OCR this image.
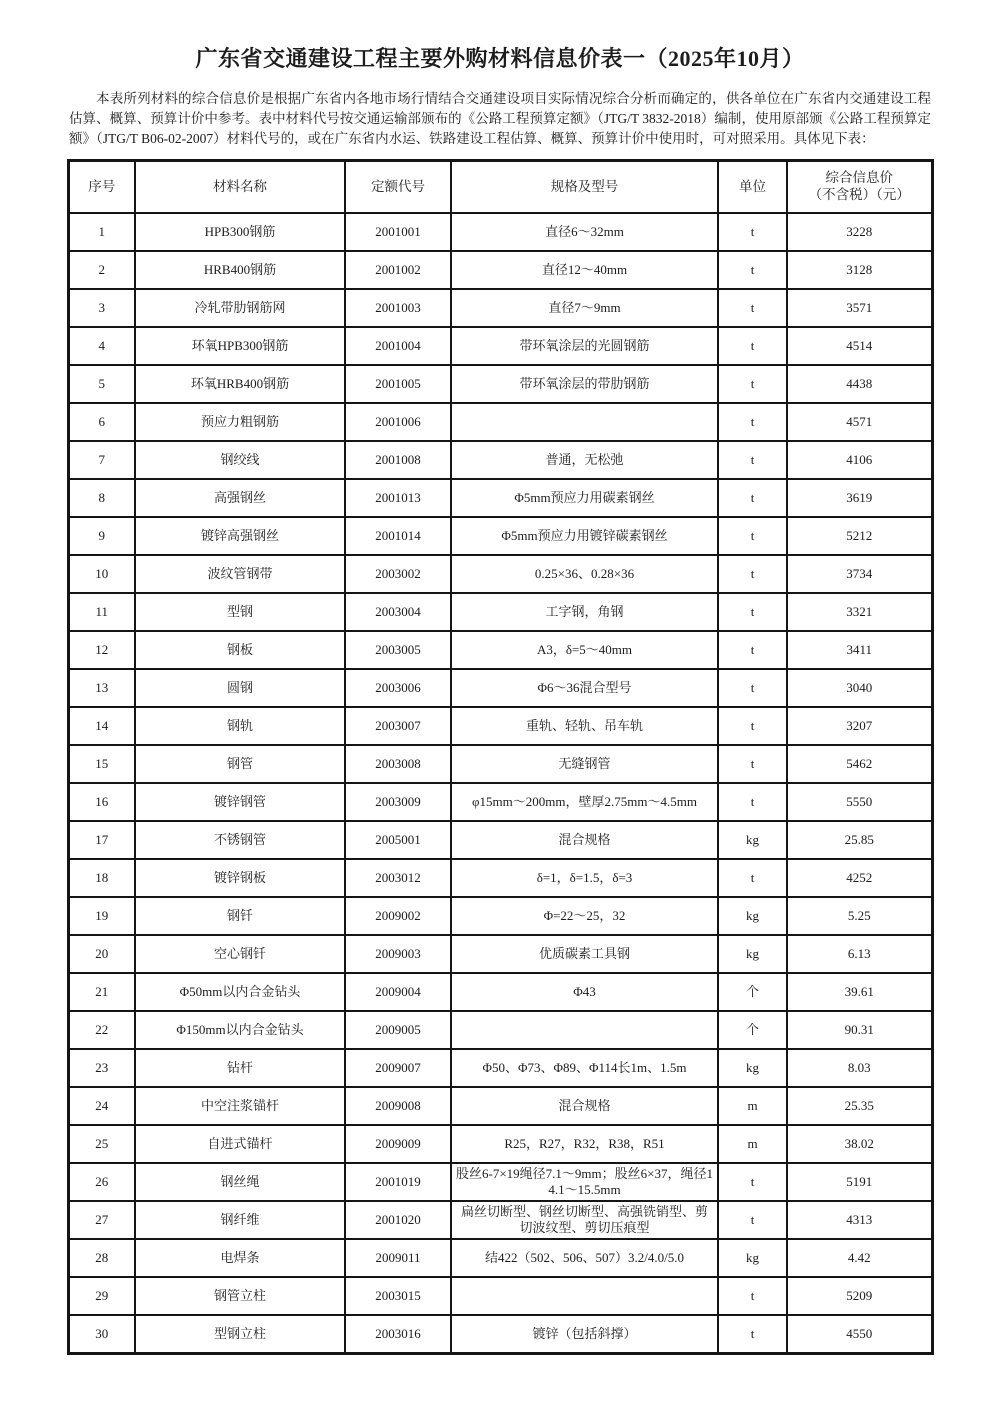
广东省交通建设工程主要外购材料信息价表一（2025年10月）

本表所列材料的综合信息价是根据广东省内各地市场行情结合交通建设项目实际情况综合分析而确定的，供各单位在广东省内交通建设工程估算、概算、预算计价中参考。表中材料代号按交通运输部颁布的《公路工程预算定额》（JTG/T 3832-2018）编制，使用原部颁《公路工程预算定额》（JTG/T B06-02-2007）材料代号的，或在广东省内水运、铁路建设工程估算、概算、预算计价中使用时，可对照采用。具体见下表：

序号	材料名称	定额代号	规格及型号	单位	综合信息价
（不含税）（元）

1	HPB300钢筋	2001001	直径6～32mm	t	3228
2	HRB400钢筋	2001002	直径12～40mm	t	3128
3	冷轧带肋钢筋网	2001003	直径7～9mm	t	3571
4	环氧HPB300钢筋	2001004	带环氧涂层的光圆钢筋	t	4514
5	环氧HRB400钢筋	2001005	带环氧涂层的带肋钢筋	t	4438
6	预应力粗钢筋	2001006		t	4571
7	钢绞线	2001008	普通，无松弛	t	4106
8	高强钢丝	2001013	Φ5mm预应力用碳素钢丝	t	3619
9	镀锌高强钢丝	2001014	Φ5mm预应力用镀锌碳素钢丝	t	5212
10	波纹管钢带	2003002	0.25×36、0.28×36	t	3734
11	型钢	2003004	工字钢，角钢	t	3321
12	钢板	2003005	A3，δ=5～40mm	t	3411
13	圆钢	2003006	Φ6～36混合型号	t	3040
14	钢轨	2003007	重轨、轻轨、吊车轨	t	3207
15	钢管	2003008	无缝钢管	t	5462
16	镀锌钢管	2003009	φ15mm～200mm，壁厚2.75mm～4.5mm	t	5550
17	不锈钢管	2005001	混合规格	kg	25.85
18	镀锌钢板	2003012	δ=1，δ=1.5，δ=3	t	4252
19	钢钎	2009002	Φ=22～25，32	kg	5.25
20	空心钢钎	2009003	优质碳素工具钢	kg	6.13
21	Φ50mm以内合金钻头	2009004	Φ43	个	39.61
22	Φ150mm以内合金钻头	2009005		个	90.31
23	钻杆	2009007	Φ50、Φ73、Φ89、Φ114长1m、1.5m	kg	8.03
24	中空注浆锚杆	2009008	混合规格	m	25.35
25	自进式锚杆	2009009	R25，R27，R32，R38，R51	m	38.02
26	钢丝绳	2001019	股丝6-7×19绳径7.1～9mm；股丝6×37，绳径14.1～15.5mm	t	5191
27	钢纤维	2001020	扁丝切断型、钢丝切断型、高强铣销型、剪切波纹型、剪切压痕型	t	4313
28	电焊条	2009011	结422（502、506、507）3.2/4.0/5.0	kg	4.42
29	钢管立柱	2003015		t	5209
30	型钢立柱	2003016	镀锌（包括斜撑）	t	4550
